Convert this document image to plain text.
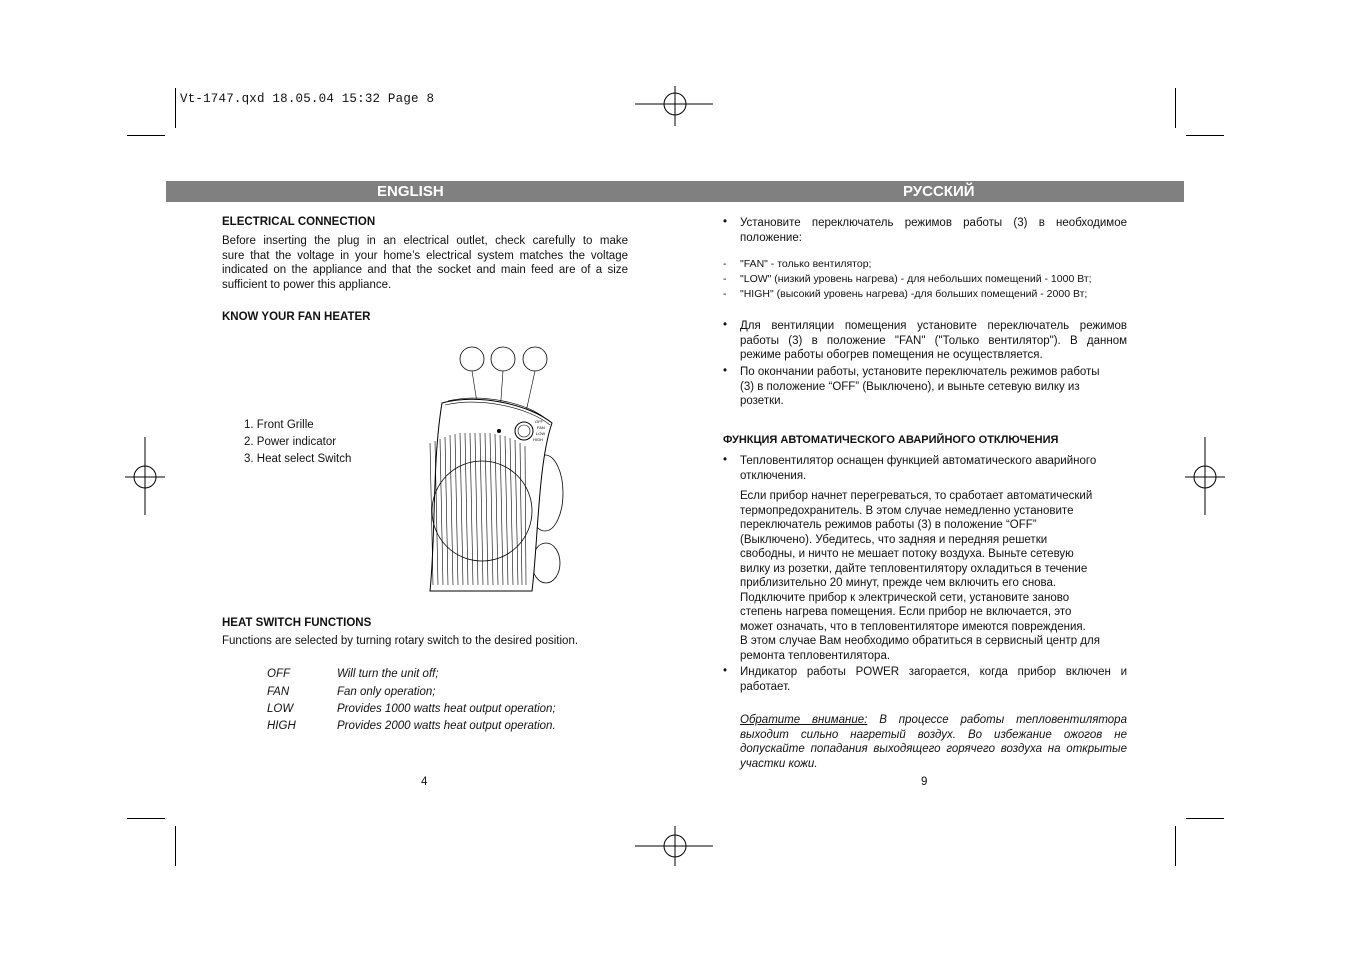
Vt-1747.qxd 18.05.04 15:32 Page 8
ENGLISH	РУССКИЙ
ELECTRICAL CONNECTION
Before inserting the plug in an electrical outlet, check carefully to make
sure that the voltage in your home’s electrical system matches the voltage
indicated on the appliance and that the socket and main feed are of a size
sufficient to power this appliance.
KNOW YOUR FAN HEATER
1. Front Grille
2. Power indicator
3. Heat select Switch
OFF
FAN
LOW
HIGH
HEAT SWITCH FUNCTIONS
Functions are selected by turning rotary switch to the desired position.
OFF	Will turn the unit off;
FAN	Fan only operation;
LOW	Provides 1000 watts heat output operation;
HIGH	Provides 2000 watts heat output operation.
4
• Установите переключатель режимов работы (3) в необходимое
положение:
- "FAN" - только вентилятор;
- "LOW" (низкий уровень нагрева) - для небольших помещений - 1000 Вт;
- "HIGH" (высокий уровень нагрева) -для больших помещений - 2000 Вт;
• Для вентиляции помещения установите переключатель режимов
работы (3) в положение "FAN" ("Только вентилятор"). В данном
режиме работы обогрев помещения не осуществляется.
• По окончании работы, установите переключатель режимов работы
(3) в положение “OFF” (Выключено), и выньте сетевую вилку из
розетки.
ФУНКЦИЯ АВТОМАТИЧЕСКОГО АВАРИЙНОГО ОТКЛЮЧЕНИЯ
• Тепловентилятор оснащен функцией автоматического аварийного
отключения.
Если прибор начнет перегреваться, то сработает автоматический
термопредохранитель. В этом случае немедленно установите
переключатель режимов работы (3) в положение “OFF”
(Выключено). Убедитесь, что задняя и передняя решетки
свободны, и ничто не мешает потоку воздуха. Выньте сетевую
вилку из розетки, дайте тепловентилятору охладиться в течение
приблизительно 20 минут, прежде чем включить его снова.
Подключите прибор к электрической сети, установите заново
степень нагрева помещения. Если прибор не включается, это
может означать, что в тепловентиляторе имеются повреждения.
В этом случае Вам необходимо обратиться в сервисный центр для
ремонта тепловентилятора.
• Индикатор работы POWER загорается, когда прибор включен и
работает.
Обратите внимание: В процессе работы тепловентилятора
выходит сильно нагретый воздух. Во избежание ожогов не
допускайте попадания выходящего горячего воздуха на открытые
участки кожи.
9
